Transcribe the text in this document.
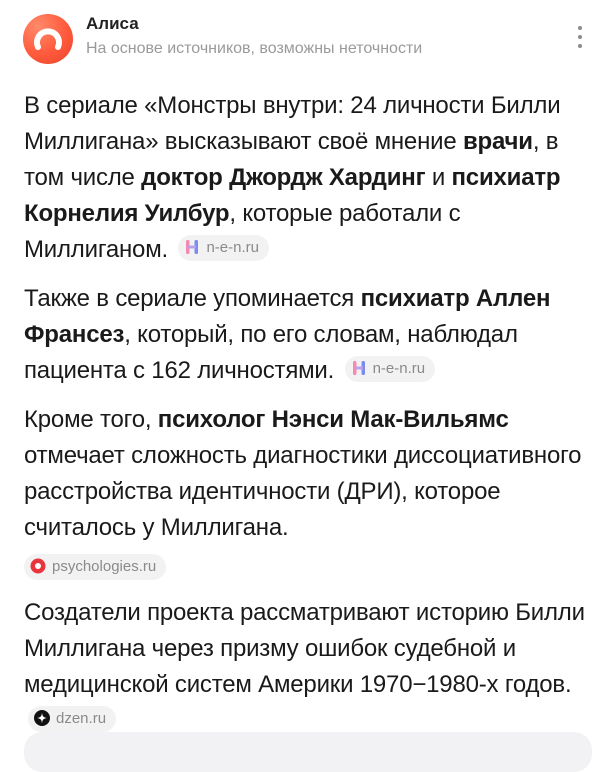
Алиса
На основе источников, возможны неточности

В сериале «Монстры внутри: 24 личности Билли Миллигана» высказывают своё мнение врачи, в том числе доктор Джордж Хардинг и психиатр Корнелия Уилбур, которые работали с Миллиганом.	n-e-n.ru

Также в сериале упоминается психиатр Аллен Франсез, который, по его словам, наблюдал пациента с 162 личностями.	n-e-n.ru

Кроме того, психолог Нэнси Мак-Вильямс отмечает сложность диагностики диссоциативного расстройства идентичности (ДРИ), которое считалось у Миллигана.
psychologies.ru

Создатели проекта рассматривают историю Билли Миллигана через призму ошибок судебной и медицинской систем Америки 1970−1980-х годов. dzen.ru
